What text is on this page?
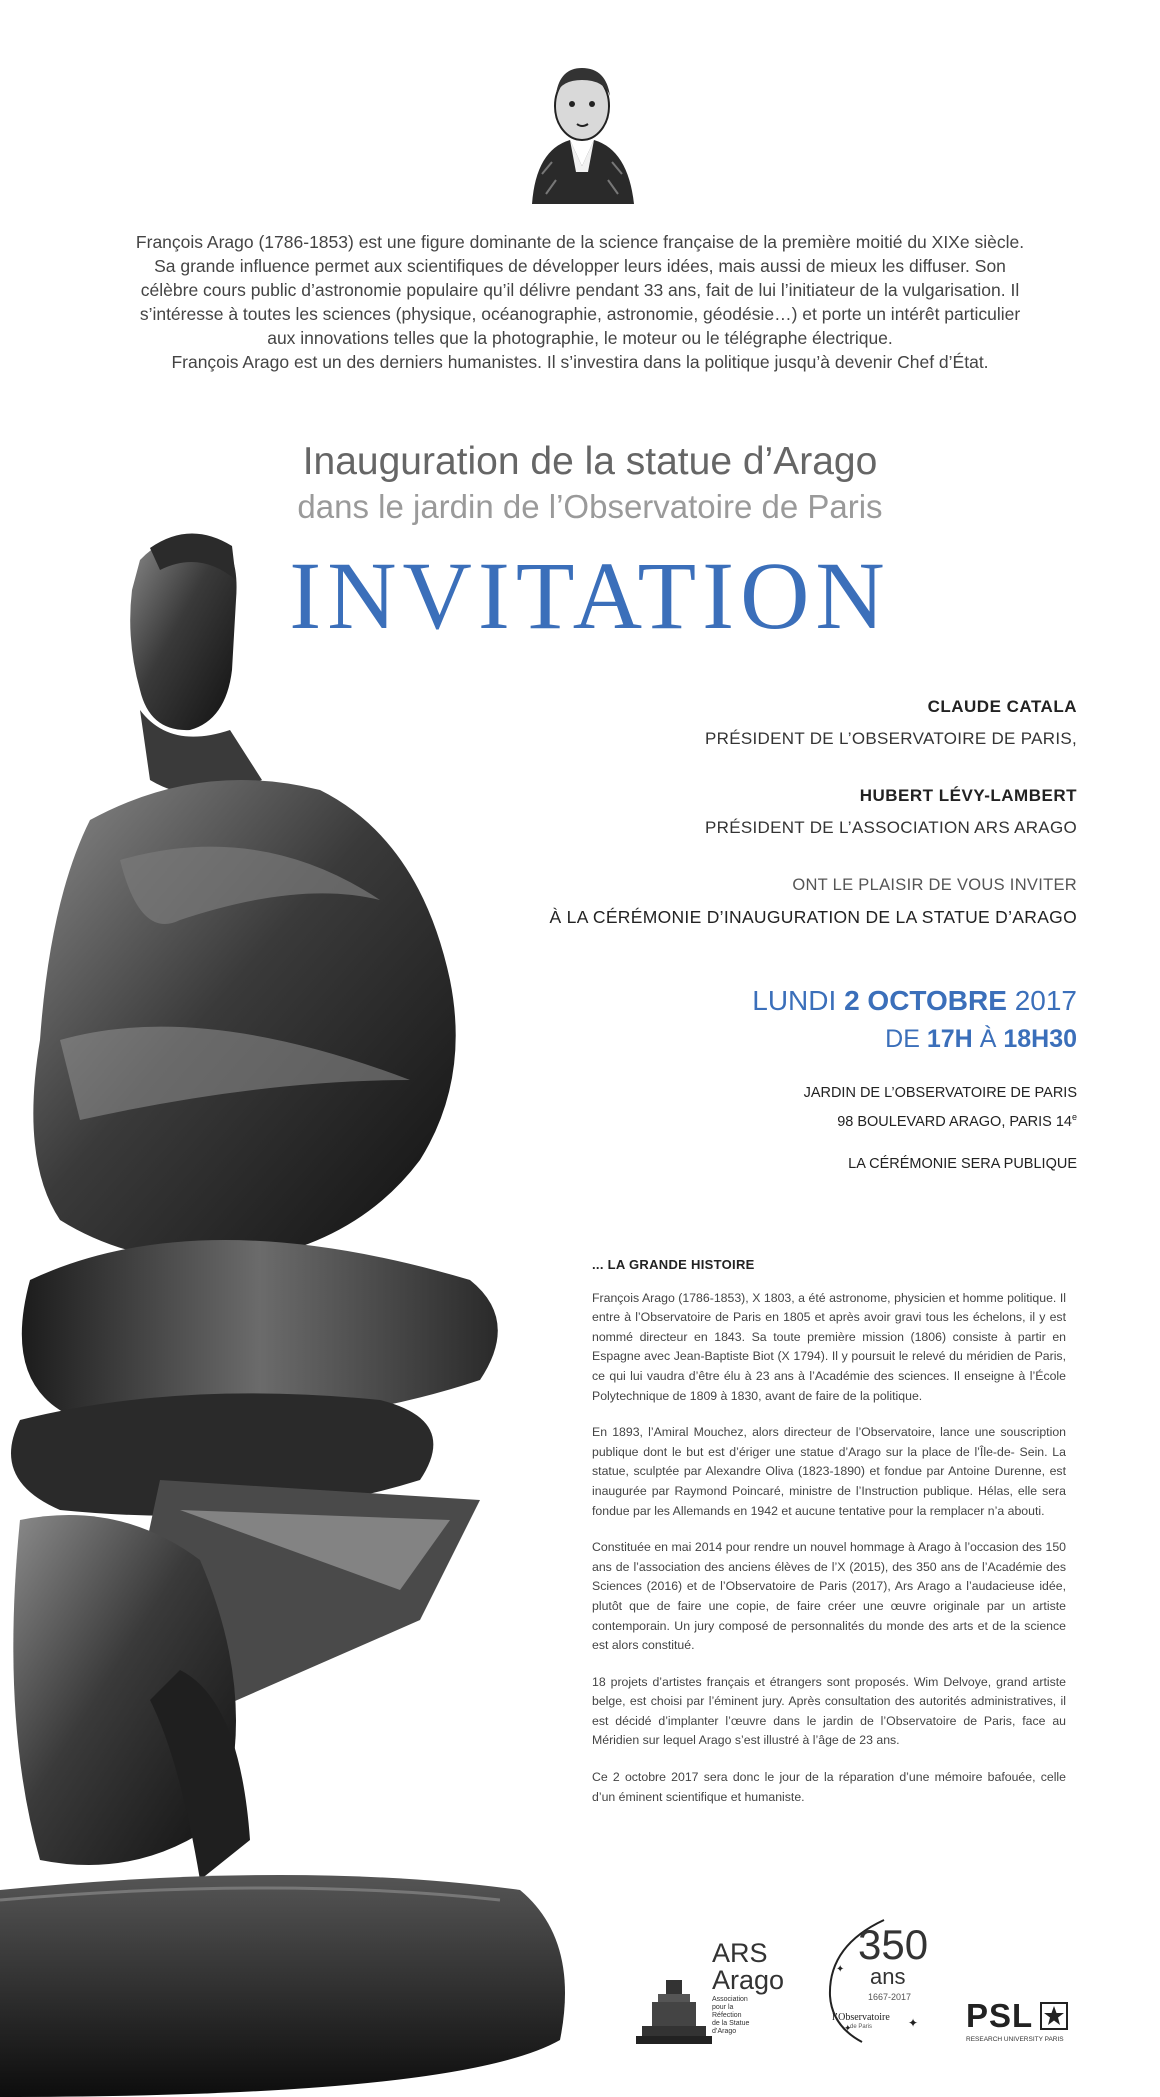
François Arago (1786-1853) est une figure dominante de la science française de la première moitié du XIXe siècle.

Sa grande influence permet aux scientifiques de développer leurs idées, mais aussi de mieux les diffuser. Son

célèbre cours public d’astronomie populaire qu’il délivre pendant 33 ans, fait de lui l’initiateur de la vulgarisation. Il

s’intéresse à toutes les sciences (physique, océanographie, astronomie, géodésie…) et porte un intérêt particulier

aux innovations telles que la photographie, le moteur ou le télégraphe électrique.

François Arago est un des derniers humanistes. Il s’investira dans la politique jusqu’à devenir Chef d’État.

Inauguration de la statue d’Arago
dans le jardin de l’Observatoire de Paris
INVITATION
CLAUDE CATALA
PRÉSIDENT DE L’OBSERVATOIRE DE PARIS,
HUBERT LÉVY-LAMBERT
PRÉSIDENT DE L’ASSOCIATION ARS ARAGO
ONT LE PLAISIR DE VOUS INVITER
À LA CÉRÉMONIE D’INAUGURATION DE LA STATUE D’ARAGO
LUNDI 2 OCTOBRE 2017
DE 17H À 18H30
JARDIN DE L’OBSERVATOIRE DE PARIS
98 BOULEVARD ARAGO, PARIS 14e
LA CÉRÉMONIE SERA PUBLIQUE
... LA GRANDE HISTOIRE

François Arago (1786-1853), X 1803, a été astronome, physicien et homme politique. Il entre à l’Observatoire de Paris en 1805 et après avoir gravi tous les échelons, il y est nommé directeur en 1843. Sa toute première mission (1806) consiste à partir en Espagne avec Jean-Baptiste Biot (X 1794). Il y poursuit le relevé du méridien de Paris, ce qui lui vaudra d’être élu à 23 ans à l’Académie des sciences. Il enseigne à l’École Polytechnique de 1809 à 1830, avant de faire de la politique.

En 1893, l’Amiral Mouchez, alors directeur de l’Observatoire, lance une souscription publique dont le but est d’ériger une statue d’Arago sur la place de l’Île-de- Sein. La statue, sculptée par Alexandre Oliva (1823-1890) et fondue par Antoine Durenne, est inaugurée par Raymond Poincaré, ministre de l’Instruction publique. Hélas, elle sera fondue par les Allemands en 1942 et aucune tentative pour la remplacer n’a abouti.

Constituée en mai 2014 pour rendre un nouvel hommage à Arago à l’occasion des 150 ans de l’association des anciens élèves de l’X (2015), des 350 ans de l’Académie des Sciences (2016) et de l’Observatoire de Paris (2017), Ars Arago a l’audacieuse idée, plutôt que de faire une copie, de faire créer une œuvre originale par un artiste contemporain. Un jury composé de personnalités du monde des arts et de la science est alors constitué.

18 projets d’artistes français et étrangers sont proposés. Wim Delvoye, grand artiste belge, est choisi par l’éminent jury. Après consultation des autorités administratives, il est décidé d’implanter l’œuvre dans le jardin de l’Observatoire de Paris, face au Méridien sur lequel Arago s’est illustré à l’âge de 23 ans.

Ce 2 octobre 2017 sera donc le jour de la réparation d’une mémoire bafouée, celle d’un éminent scientifique et humaniste.

ARS
Arago
Association
pour la
Réfection
de la Statue
d’Arago
✦
✦
350
ans
1667-2017
l’Observatoire
de Paris	✦ PSL
RESEARCH UNIVERSITY PARIS
